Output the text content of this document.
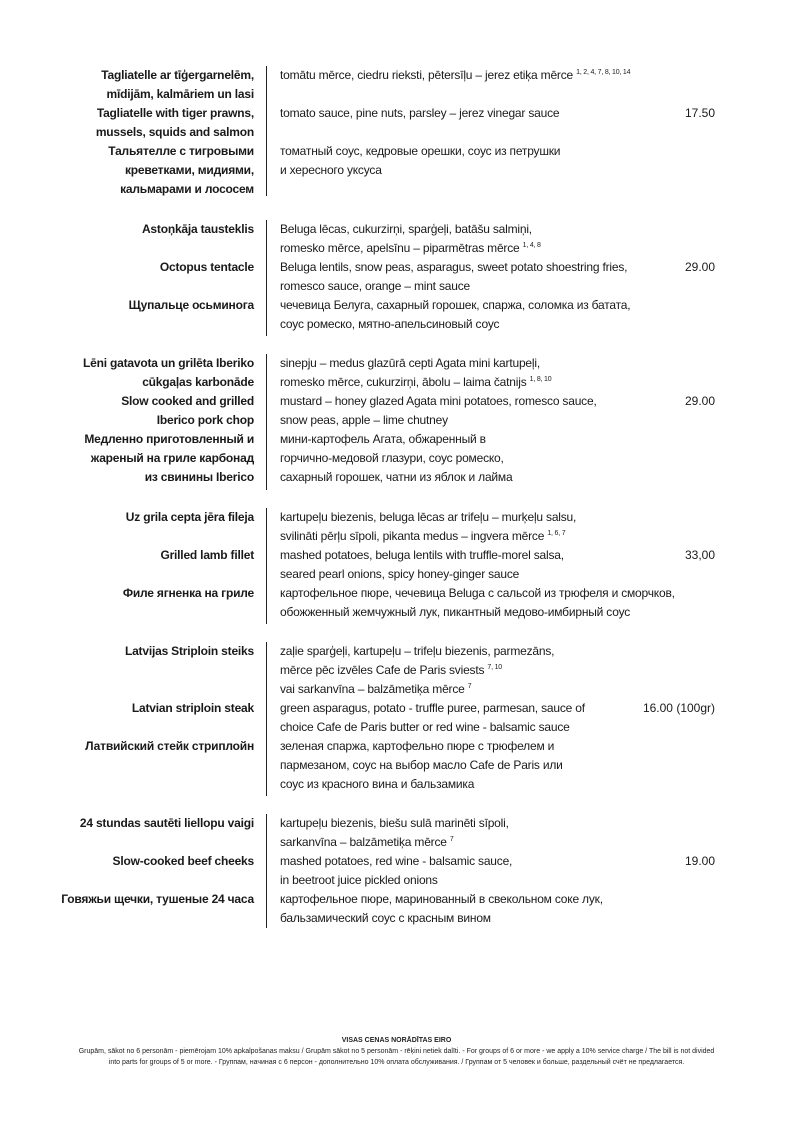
Tagliatelle ar tīģergarnelēm,
mīdijām, kalmāriem un lasi
Tagliatelle with tiger prawns,
mussels, squids and salmon
Тальятелле с тигровыми
креветками, мидиями,
кальмарами и лососем
tomātu mērce, ciedru rieksti, pētersīļu – jerez etiķa mērce $^{1, 2, 4, 7, 8, 10, 14}$
tomato sauce, pine nuts, parsley – jerez vinegar sauce
томатный соус, кедровые орешки, соус из петрушки
и хересного уксуса
17.50
Astoņkāja tausteklis
Octopus tentacle
Щупальце осьминога
Beluga lēcas, cukurzirņi, sparģeļi, batāšu salmiņi,
romesko mērce, apelsīnu – piparmētras mērce $^{1, 4, 8}$
Beluga lentils, snow peas, asparagus, sweet potato shoestring fries,
romesco sauce, orange – mint sauce
чечевица Белуга, сахарный горошек, спаржа, соломка из батата,
соус ромеско, мятно-апельсиновый соус
29.00
Lēni gatavota un grilēta Iberiko
cūkgaļas karbonāde
Slow cooked and grilled
Iberico pork chop
Медленно приготовленный и
жареный на гриле карбонад
из свинины Iberico
sinepju – medus glazūrā cepti Agata mini kartupeļi,
romesko mērce, cukurzirņi, ābolu – laima čatnijs $^{1, 8, 10}$
mustard – honey glazed Agata mini potatoes, romesco sauce,
snow peas, apple – lime chutney
мини-картофель Агата, обжаренный в
горчично-медовой глазури, соус ромеско,
сахарный горошек, чатни из яблок и лайма
29.00
Uz grila cepta jēra fileja
Grilled lamb fillet
Филе ягненка на гриле
kartupeļu biezenis, beluga lēcas ar trifeļu – murķeļu salsu,
svilināti pērļu sīpoli, pikanta medus – ingvera mērce $^{1, 6, 7}$
mashed potatoes, beluga lentils with truffle-morel salsa,
seared pearl onions, spicy honey-ginger sauce
картофельное пюре, чечевица Beluga с сальсой из трюфеля и сморчков,
обожженный жемчужный лук, пикантный медово-имбирный соус
33,00
Latvijas Striploin steiks
Latvian striploin steak
Латвийский стейк стриплойн
zaļie sparģeļi, kartupeļu – trifeļu biezenis, parmezāns,
mērce pēc izvēles Cafe de Paris sviests $^{7, 10}$
vai sarkanvīna – balzāmetiķa mērce $^7$
green asparagus, potato - truffle puree, parmesan, sauce of
choice Cafe de Paris butter or red wine - balsamic sauce
зеленая спаржа, картофельно пюре с трюфелем и
пармезаном, соус на выбор масло Cafe de Paris или
соус из красного вина и бальзамика
16.00 (100gr)
24 stundas sautēti liellopu vaigi
Slow-cooked beef cheeks
Говяжьи щечки, тушеные 24 часа
kartupeļu biezenis, biešu sulā marinēti sīpoli,
sarkanvīna – balzāmetiķa mērce $^7$
mashed potatoes, red wine - balsamic sauce,
in beetroot juice pickled onions
картофельное пюре, маринованный в свекольном соке лук,
бальзамический соус с красным вином
19.00
VISAS CENAS NORĀDĪTAS EIRO
Grupām, sākot no 6 personām - piemērojam 10% apkalpošanas maksu / Grupām sākot no 5 personām - rēķini netiek dalīti. - For groups of 6 or more - we apply a 10% service charge / The bill is not divided
into parts for groups of 5 or more. - Группам, начиная с 6 персон - дополнительно 10% оплата обслуживания. / Группам от 5 человек и больше, раздельный счёт не предлагается.
